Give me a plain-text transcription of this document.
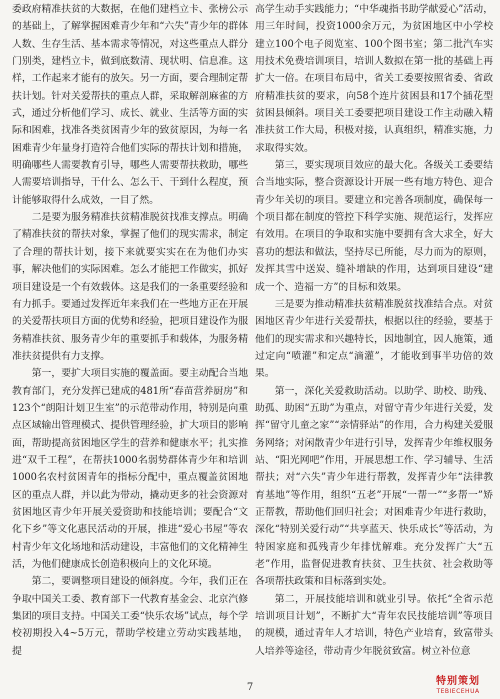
委政府精准扶贫的大数据，在他们建档立卡、张榜公示的基础上，了解掌握困难青少年和“六失”青少年的群体人数、生存生活、基本需求等情况，对这些重点人群分门别类，建档立卡，做到底数清、现状明、信息准。这样，工作起来才能有的放矢。另一方面，要合理制定帮扶计划。针对关爱帮扶的重点人群，采取解剖麻雀的方式，通过分析他们学习、成长、就业、生活等方面的实际和困难，找准各类贫困青少年的致贫原因，为每一名困难青少年量身打造符合他们实际的帮扶计划和措施，明确哪些人需要教育引导，哪些人需要帮扶救助，哪些人需要培训指导，干什么、怎么干、干到什么程度，预计能够取得什么成效，一目了然。

二是要为服务精准扶贫精准脱贫找准支撑点。明确了精准扶贫的帮扶对象，掌握了他们的现实需求，制定了合理的帮扶计划，接下来就要实实在在为他们办实事，解决他们的实际困难。怎么才能把工作做实，抓好项目建设是一个有效载体。这是我们的一条重要经验和有力抓手。要通过发挥近年来我们在一些地方正在开展的关爱帮扶项目方面的优势和经验，把项目建设作为服务精准扶贫、服务青少年的重要抓手和载体，为服务精准扶贫提供有力支撑。

第一，要扩大项目实施的覆盖面。要主动配合当地教育部门，充分发挥已建成的481所“春苗营养厨房”和123个“朗阳计划卫生室”的示范带动作用，特别是向重点区域输出管理模式、提供管理经验，扩大项目的影响面，帮助提高贫困地区学生的营养和健康水平；扎实推进“双千工程”，在帮扶1000名弱势群体青少年和培训1000名农村贫困青年的指标分配中，重点覆盖贫困地区的重点人群，并以此为带动，撬动更多的社会资源对贫困地区青少年开展关爱资助和技能培训；要配合“文化下乡”等文化惠民活动的开展，推进“爱心书屋”等农村青少年文化场地和活动建设，丰富他们的文化精神生活，为他们健康成长创造积极向上的文化环境。

第二，要调整项目建设的倾斜度。今年，我们正在争取中国关工委、教育部下一代教育基金会、北京汽修集团的项目支持。中国关工委“快乐农场”试点，每个学校初期投入4~5万元，帮助学校建立劳动实践基地，提

高学生动手实践能力；“中华魂指书助学献爱心”活动，用三年时间，投资1000余万元，为贫困地区中小学校建立100个电子阅览室、100个图书室；第二批汽车实用技术免费培训项目，培训人数拟在第一批的基础上再扩大一倍。在项目布局中，省关工委要按照省委、省政府精准扶贫的要求，向58个连片贫困县和17个插花型贫困县倾斜。项目关工委要把项目建设工作主动融入精准扶贫工作大局，积极对接，认真组织，精准实施，力求取得实效。

第三，要实现项目效应的最大化。各级关工委要结合当地实际，整合资源设计开展一些有地方特色、迎合青少年关切的项目。要建立和完善各项制度，确保每一个项目都在制度的管控下科学实施、规范运行，发挥应有效用。在项目的争取和实施中要拥有含大求全，好大喜功的想法和做法，坚持尽已所能，尽力而为的原则，发挥其雪中送炭、缝补增缺的作用，达到项目建设“建成一个、造福一方”的目标和效果。

三是要为推动精准扶贫精准脱贫找准结合点。对贫困地区青少年进行关爱帮扶，根据以往的经验，要基于他们的现实需求和兴趣特长，因地制宜，因人施策，通过定向“喷灌”和定点“滴灌”，才能收到事半功倍的效果。

第一，深化关爱救助活动。以助学、助校、助残、助孤、助困“五助”为重点，对留守青少年进行关爱，发挥“留守儿童之家”“亲情驿站”的作用，合力构建关爱服务网络；对闲散青少年进行引导，发挥青少年维权服务站、“阳光网吧”作用，开展思想工作、学习辅导、生活帮扶；对“六失”青少年进行帮教，发挥青少年“法律教育基地”等作用，组织“五老”开展“一帮一”“多帮一”矫正帮教，帮助他们回归社会；对困难青少年进行救助，深化“特别关爱行动”“共享蓝天、快乐成长”等活动，为特困家庭和孤残青少年排忧解难。充分发挥广大“五老”作用，监督促进教育扶贫、卫生扶贫、社会救助等各项帮扶政策和目标落到实处。

第二，开展技能培训和就业引导。依托“全省示范培训项目计划”，不断扩大“青年农民技能培训”等项目的规模，通过青年人才培训，特色产业培育，致富带头人培养等途径，带动青少年脱贫致富。树立补位意

7
特别策划
TEBIECEHUA
